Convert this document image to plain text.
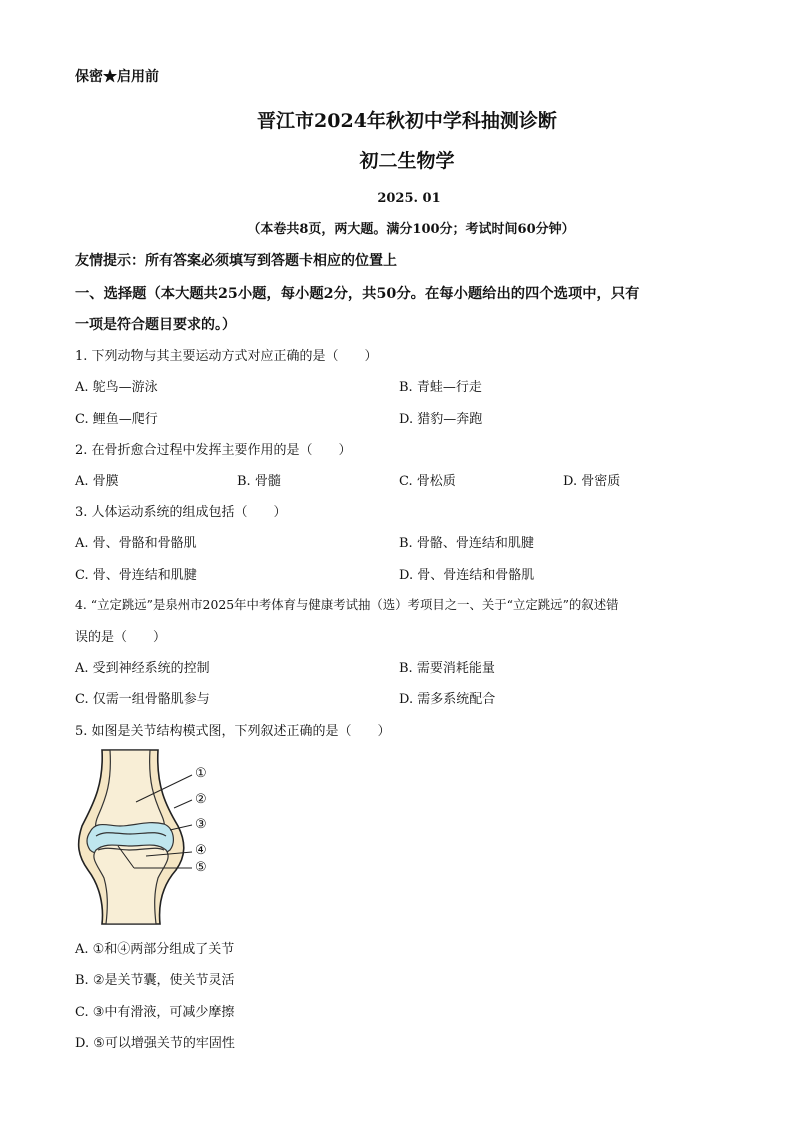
保密★启用前
晋江市2024年秋初中学科抽测诊断
初二生物学
2025. 01
（本卷共8页，两大题。满分100分；考试时间60分钟）
友情提示：所有答案必须填写到答题卡相应的位置上
一、选择题（本大题共25小题，每小题2分，共50分。在每小题给出的四个选项中，只有
一项是符合题目要求的。）
1. 下列动物与其主要运动方式对应正确的是（　　）
A. 鸵鸟—游泳	B. 青蛙—行走
C. 鲤鱼—爬行	D. 猎豹—奔跑
2. 在骨折愈合过程中发挥主要作用的是（　　）
A. 骨膜	B. 骨髓	C. 骨松质	D. 骨密质
3. 人体运动系统的组成包括（　　）
A. 骨、骨骼和骨骼肌	B. 骨骼、骨连结和肌腱
C. 骨、骨连结和肌腱	D. 骨、骨连结和骨骼肌
4. “立定跳远”是泉州市2025年中考体育与健康考试抽（选）考项目之一、关于“立定跳远”的叙述错
误的是（　　）
A. 受到神经系统的控制	B. 需要消耗能量
C. 仅需一组骨骼肌参与	D. 需多系统配合
5. 如图是关节结构模式图，下列叙述正确的是（　　）
①
②
③
④
⑤
A. ①和④两部分组成了关节
B. ②是关节囊，使关节灵活
C. ③中有滑液，可减少摩擦
D. ⑤可以增强关节的牢固性
